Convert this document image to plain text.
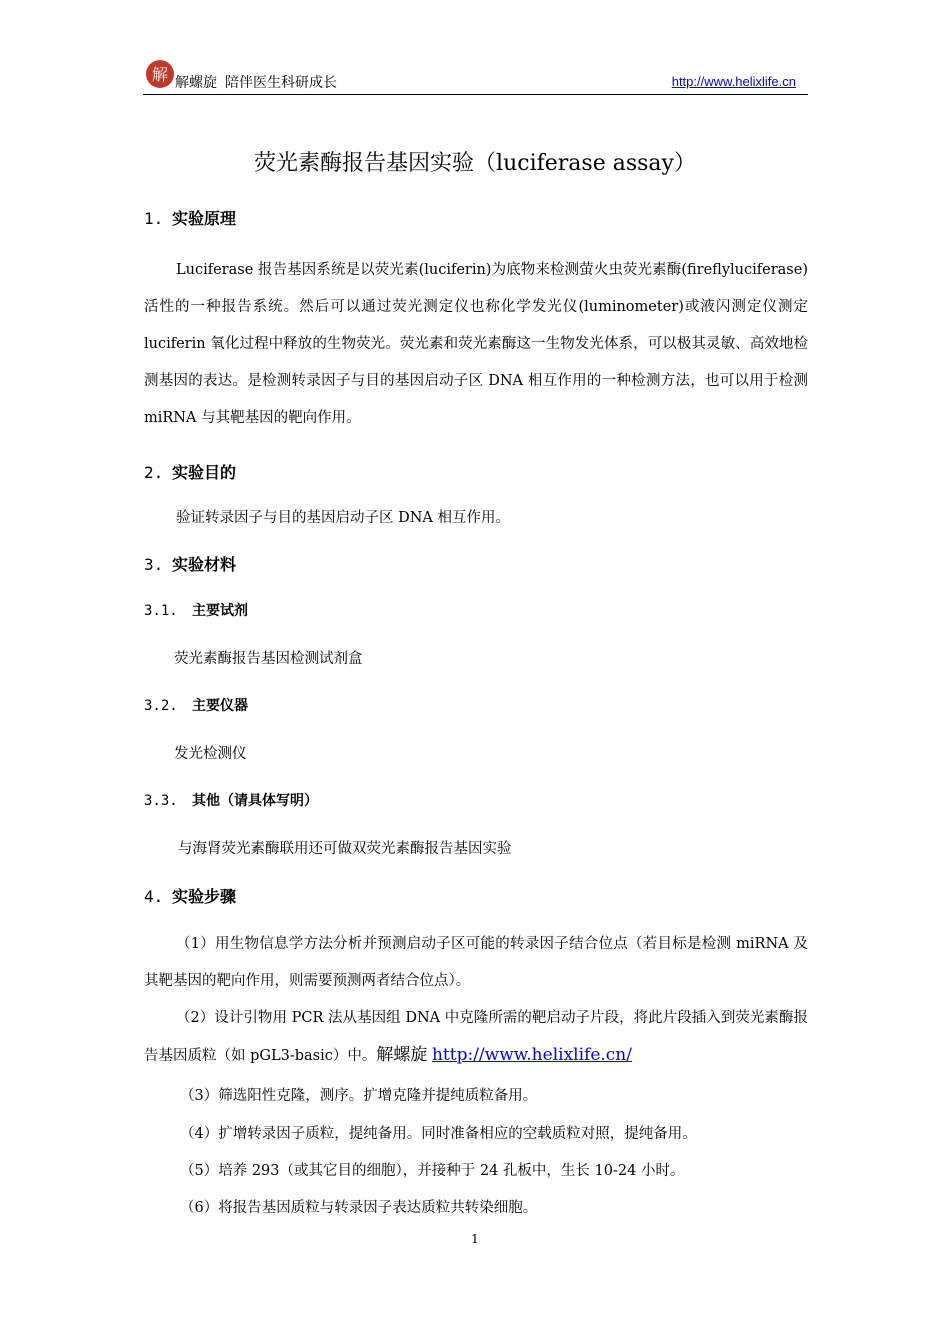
解 解螺旋 陪伴医生科研成长	http://www.helixlife.cn
荧光素酶报告基因实验（luciferase assay）
1. 实验原理
Luciferase 报告基因系统是以荧光素(luciferin)为底物来检测萤火虫荧光素酶(fireflyluciferase)活性的一种报告系统。然后可以通过荧光测定仪也称化学发光仪(luminometer)或液闪测定仪测定 luciferin 氧化过程中释放的生物荧光。荧光素和荧光素酶这一生物发光体系，可以极其灵敏、高效地检测基因的表达。是检测转录因子与目的基因启动子区 DNA 相互作用的一种检测方法，也可以用于检测 miRNA 与其靶基因的靶向作用。
2. 实验目的
验证转录因子与目的基因启动子区 DNA 相互作用。
3. 实验材料
3.1. 主要试剂
荧光素酶报告基因检测试剂盒
3.2. 主要仪器
发光检测仪
3.3. 其他（请具体写明）
与海肾荧光素酶联用还可做双荧光素酶报告基因实验
4. 实验步骤
（1）用生物信息学方法分析并预测启动子区可能的转录因子结合位点（若目标是检测 miRNA 及其靶基因的靶向作用，则需要预测两者结合位点）。
（2）设计引物用 PCR 法从基因组 DNA 中克隆所需的靶启动子片段，将此片段插入到荧光素酶报告基因质粒（如 pGL3-basic）中。解螺旋 http://www.helixlife.cn/
（3）筛选阳性克隆，测序。扩增克隆并提纯质粒备用。
（4）扩增转录因子质粒，提纯备用。同时准备相应的空载质粒对照，提纯备用。
（5）培养 293（或其它目的细胞），并接种于 24 孔板中，生长 10-24 小时。
（6）将报告基因质粒与转录因子表达质粒共转染细胞。
1
